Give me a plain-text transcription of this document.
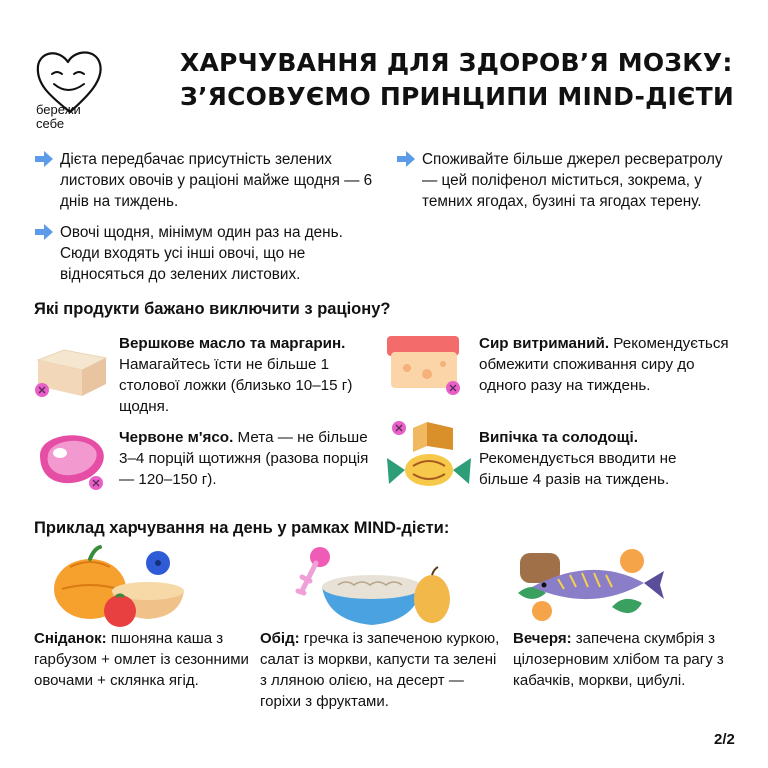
бережи
себе
ХАРЧУВАННЯ ДЛЯ ЗДОРОВ’Я МОЗКУ:
З’ЯСОВУЄМО ПРИНЦИПИ MIND-ДІЄТИ
Дієта передбачає присутність зелених листових овочів у раціоні майже щодня — 6 днів на тиждень.
Овочі щодня, мінімум один раз на день. Сюди входять усі інші овочі, що не відносяться до зелених листових.
Споживайте більше джерел ресвератролу — цей поліфенол міститься, зокрема, у темних ягодах, бузині та ягодах терену.
Які продукти бажано виключити з раціону?
Вершкове масло та маргарин. Намагайтесь їсти не більше 1 столової ложки (близько 10–15 г) щодня.
Сир витриманий. Рекомендується обмежити споживання сиру до одного разу на тиждень.
Червоне м'ясо. Мета — не більше 3–4 порцій щотижня (разова порція — 120–150 г).
Випічка та солодощі. Рекомендується вводити не більше 4 разів на тиждень.
Приклад харчування на день у рамках MIND-дієти:
Сніданок: пшоняна каша з гарбузом + омлет із сезонними овочами + склянка ягід.
Обід: гречка із запеченою куркою, салат із моркви, капусти та зелені з лляною олією, на десерт — горіхи з фруктами.
Вечеря: запечена скумбрія з цілозерновим хлібом та рагу з кабачків, моркви, цибулі.
2/2
